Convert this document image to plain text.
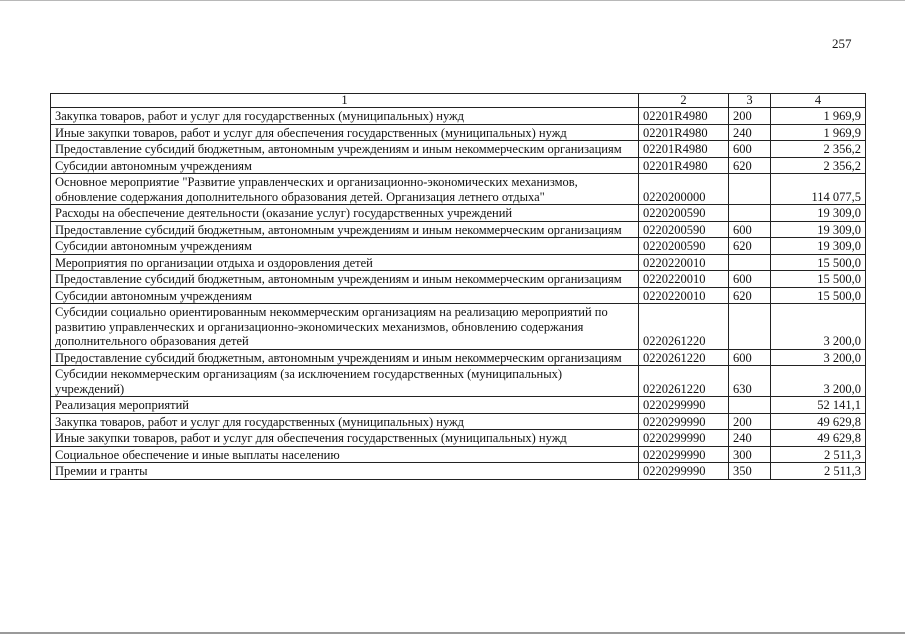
257
1	2	3	4
Закупка товаров, работ и услуг для государственных (муниципальных) нужд	02201R4980	200	1 969,9
Иные закупки товаров, работ и услуг для обеспечения государственных (муниципальных) нужд	02201R4980	240	1 969,9
Предоставление субсидий бюджетным, автономным учреждениям и иным некоммерческим организациям	02201R4980	600	2 356,2
Субсидии автономным учреждениям	02201R4980	620	2 356,2
Основное мероприятие "Развитие управленческих и организационно-экономических механизмов, обновление содержания дополнительного образования детей. Организация летнего отдыха"	0220200000		114 077,5
Расходы на обеспечение деятельности (оказание услуг) государственных учреждений	0220200590		19 309,0
Предоставление субсидий бюджетным, автономным учреждениям и иным некоммерческим организациям	0220200590	600	19 309,0
Субсидии автономным учреждениям	0220200590	620	19 309,0
Мероприятия по организации отдыха и оздоровления детей	0220220010		15 500,0
Предоставление субсидий бюджетным, автономным учреждениям и иным некоммерческим организациям	0220220010	600	15 500,0
Субсидии автономным учреждениям	0220220010	620	15 500,0
Субсидии социально ориентированным некоммерческим организациям на реализацию мероприятий по развитию управленческих и организационно-экономических механизмов, обновлению содержания дополнительного образования детей	0220261220		3 200,0
Предоставление субсидий бюджетным, автономным учреждениям и иным некоммерческим организациям	0220261220	600	3 200,0
Субсидии некоммерческим организациям (за исключением государственных (муниципальных) учреждений)	0220261220	630	3 200,0
Реализация мероприятий	0220299990		52 141,1
Закупка товаров, работ и услуг для государственных (муниципальных) нужд	0220299990	200	49 629,8
Иные закупки товаров, работ и услуг для обеспечения государственных (муниципальных) нужд	0220299990	240	49 629,8
Социальное обеспечение и иные выплаты населению	0220299990	300	2 511,3
Премии и гранты	0220299990	350	2 511,3
